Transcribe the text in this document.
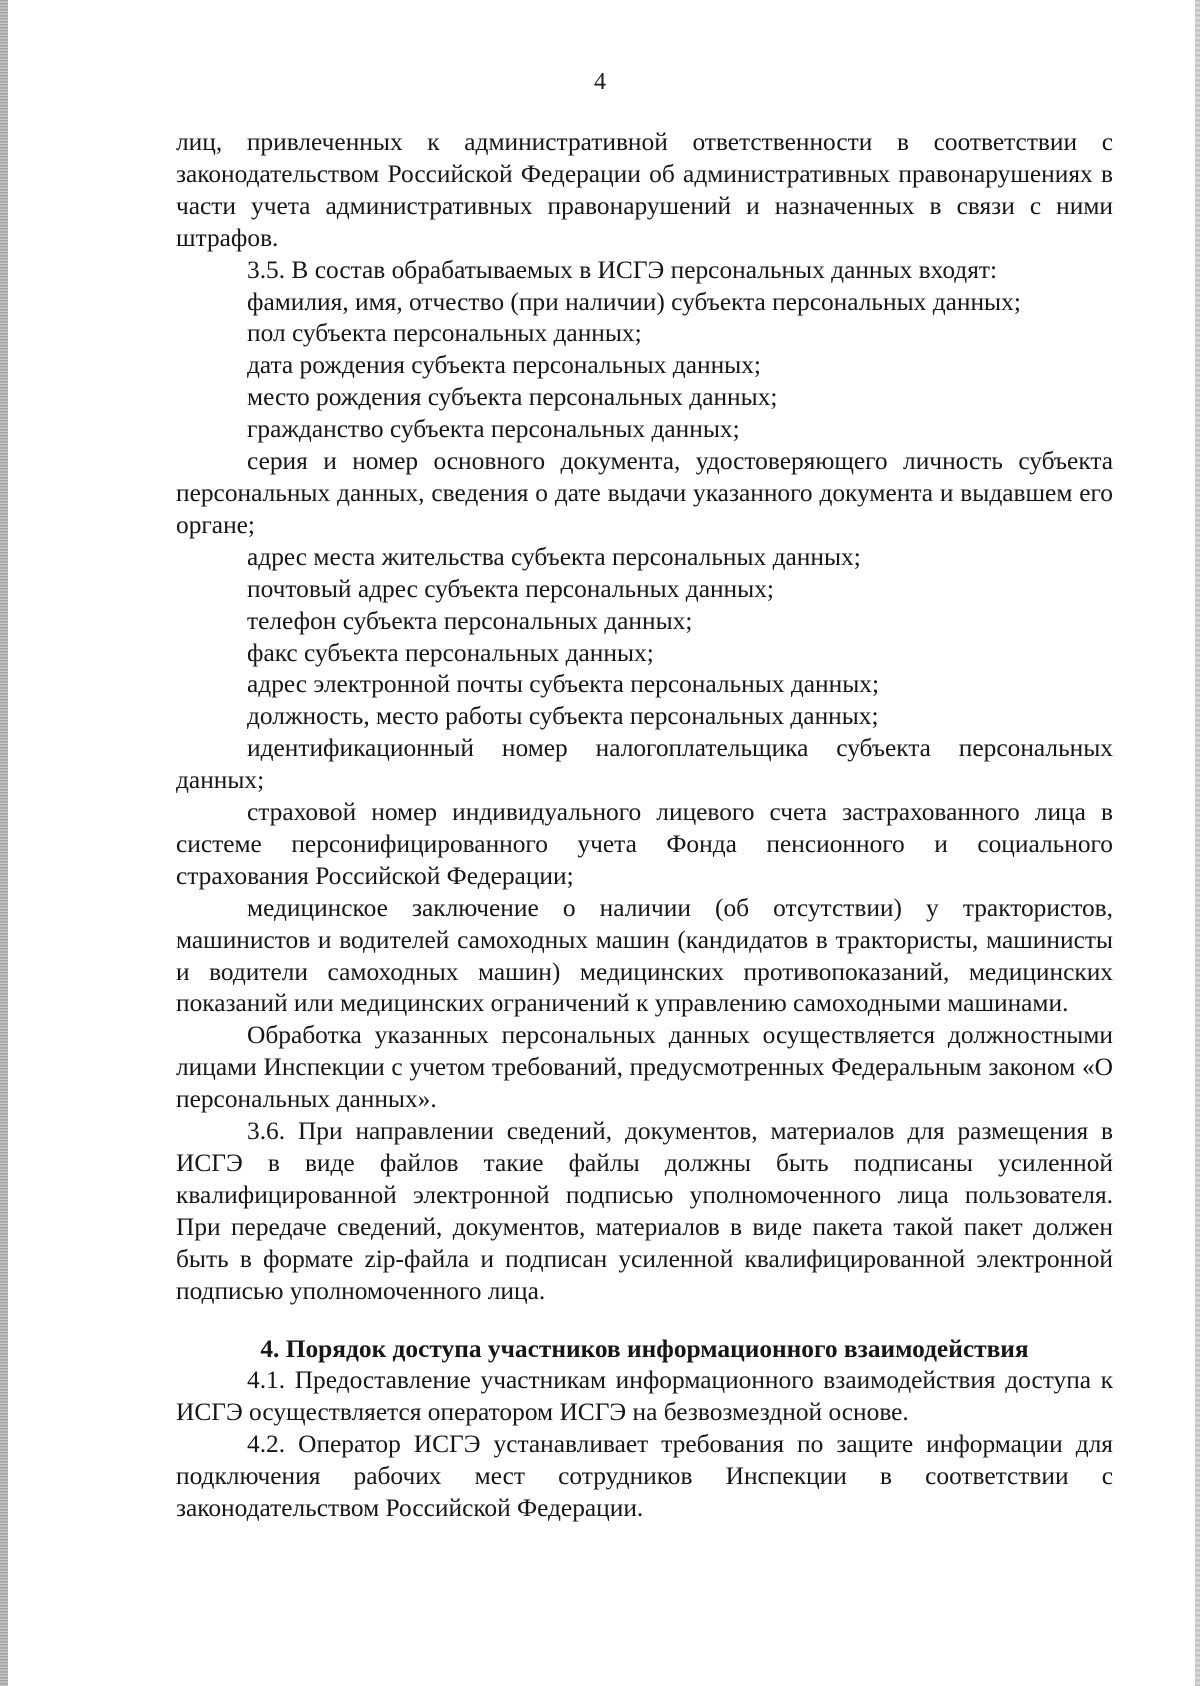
4

лиц, привлеченных к административной ответственности в соответствии с законодательством Российской Федерации об административных правонарушениях в части учета административных правонарушений и назначенных в связи с ними штрафов.

3.5. В состав обрабатываемых в ИСГЭ персональных данных входят:

фамилия, имя, отчество (при наличии) субъекта персональных данных;

пол субъекта персональных данных;

дата рождения субъекта персональных данных;

место рождения субъекта персональных данных;

гражданство субъекта персональных данных;

серия и номер основного документа, удостоверяющего личность субъекта персональных данных, сведения о дате выдачи указанного документа и выдавшем его органе;

адрес места жительства субъекта персональных данных;

почтовый адрес субъекта персональных данных;

телефон субъекта персональных данных;

факс субъекта персональных данных;

адрес электронной почты субъекта персональных данных;

должность, место работы субъекта персональных данных;

идентификационный номер налогоплательщика субъекта персональных данных;

страховой номер индивидуального лицевого счета застрахованного лица в системе персонифицированного учета Фонда пенсионного и социального страхования Российской Федерации;

медицинское заключение о наличии (об отсутствии) у трактористов, машинистов и водителей самоходных машин (кандидатов в трактористы, машинисты и водители самоходных машин) медицинских противопоказаний, медицинских показаний или медицинских ограничений к управлению самоходными машинами.

Обработка указанных персональных данных осуществляется должностными лицами Инспекции с учетом требований, предусмотренных Федеральным законом «О персональных данных».

3.6. При направлении сведений, документов, материалов для размещения в ИСГЭ в виде файлов такие файлы должны быть подписаны усиленной квалифицированной электронной подписью уполномоченного лица пользователя. При передаче сведений, документов, материалов в виде пакета такой пакет должен быть в формате zip-файла и подписан усиленной квалифицированной электронной подписью уполномоченного лица.

4. Порядок доступа участников информационного взаимодействия

4.1. Предоставление участникам информационного взаимодействия доступа к ИСГЭ осуществляется оператором ИСГЭ на безвозмездной основе.

4.2. Оператор ИСГЭ устанавливает требования по защите информации для подключения рабочих мест сотрудников Инспекции в соответствии с законодательством Российской Федерации.
